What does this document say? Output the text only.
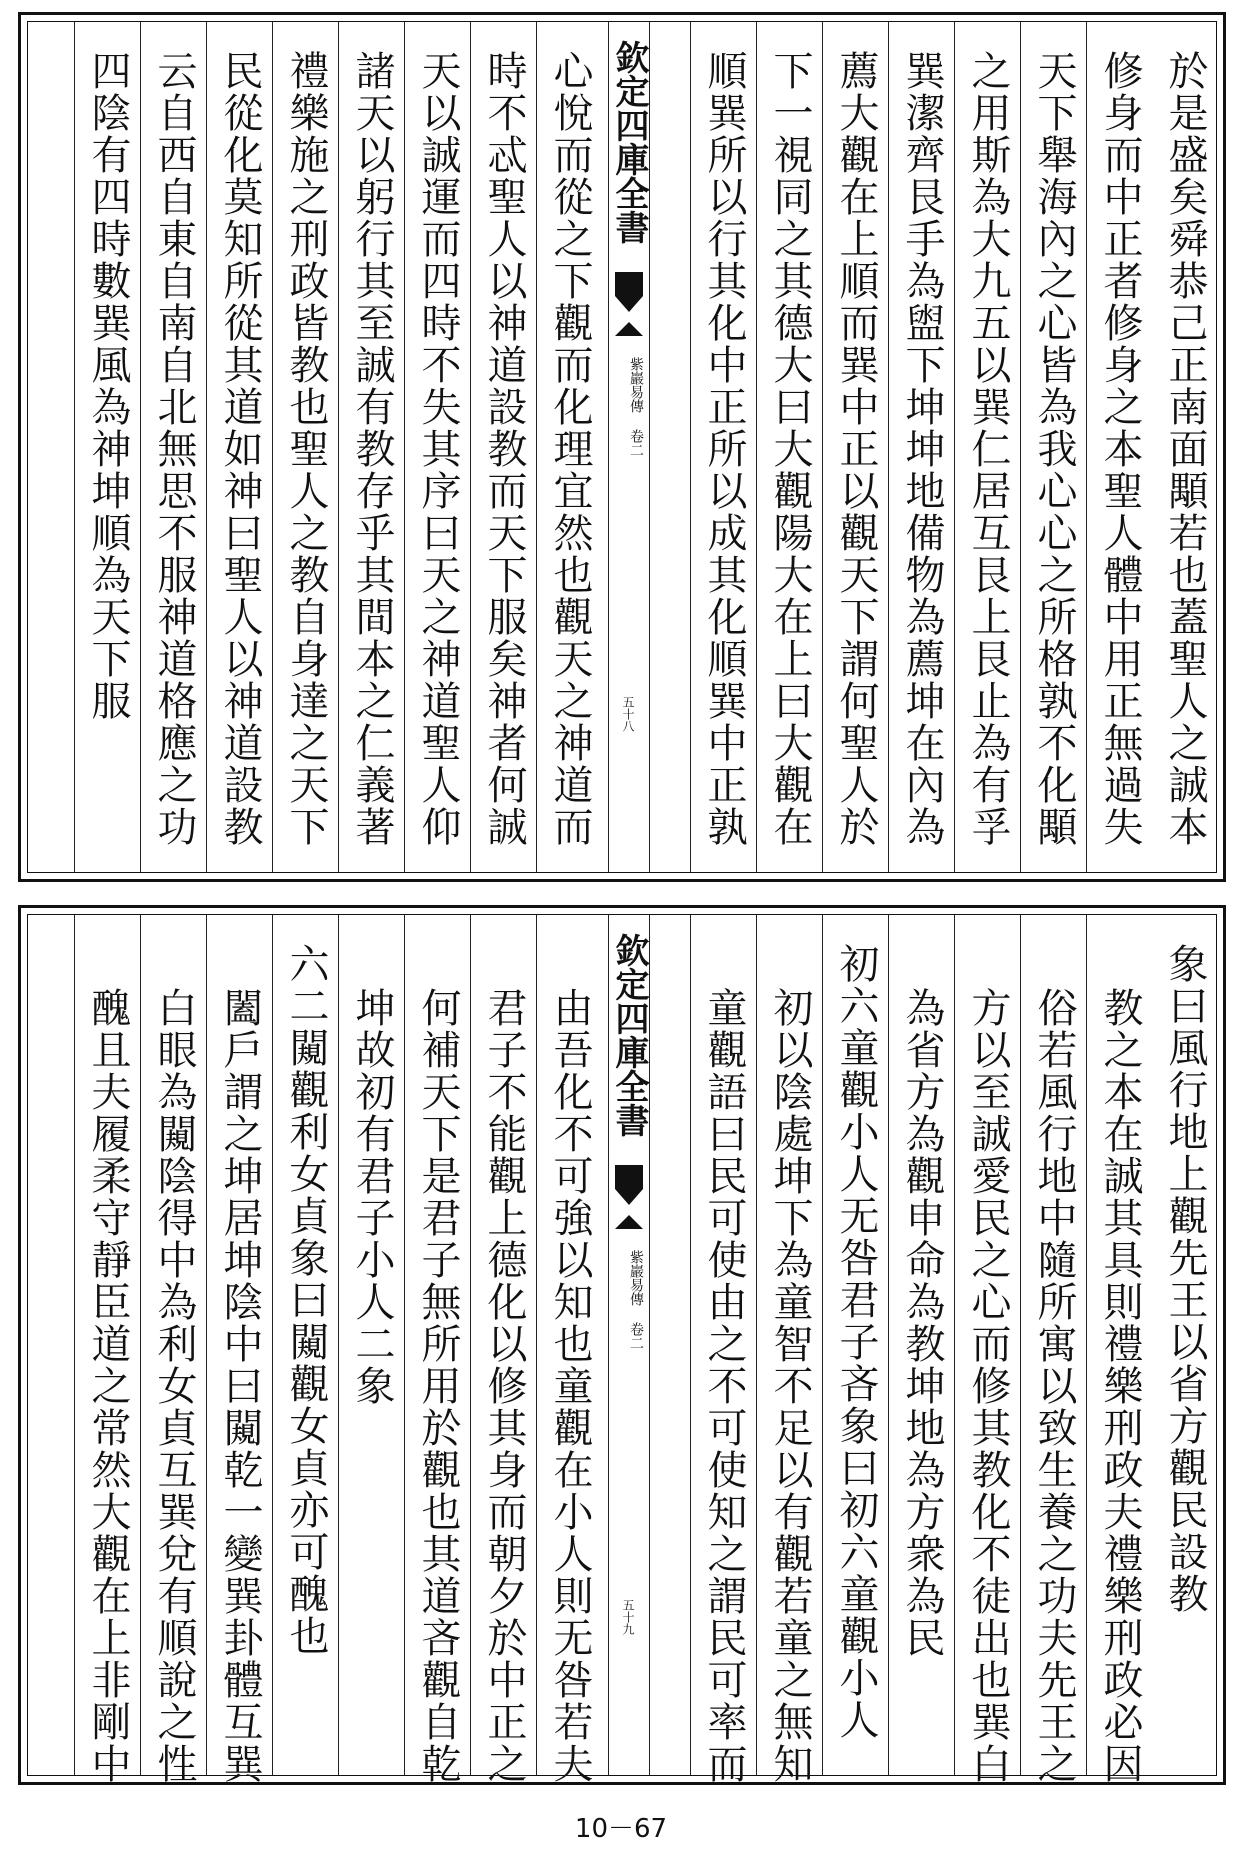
於是盛矣舜恭己正南面顒若也蓋聖人之誠本
修身而中正者修身之本聖人體中用正無過失
天下舉海內之心皆為我心心之所格孰不化顒
之用斯為大九五以巽仁居互艮上艮止為有孚
巽潔齊艮手為盥下坤坤地備物為薦坤在內為
薦大觀在上順而巽中正以觀天下謂何聖人於
下一視同之其德大曰大觀陽大在上曰大觀在
順巽所以行其化中正所以成其化順巽中正孰
欽定四庫全書
紫巖易傳 卷二
五十八
心悅而從之下觀而化理宜然也觀天之神道而
時不忒聖人以神道設教而天下服矣神者何誠
天以誠運而四時不失其序曰天之神道聖人仰
諸天以躬行其至誠有教存乎其間本之仁義著
禮樂施之刑政皆教也聖人之教自身達之天下
民從化莫知所從其道如神曰聖人以神道設教
云自西自東自南自北無思不服神道格應之功
四陰有四時數巽風為神坤順為天下服
象曰風行地上觀先王以省方觀民設教
教之本在誠其具則禮樂刑政夫禮樂刑政必因
俗若風行地中隨所寓以致生養之功夫先王之
方以至誠愛民之心而修其教化不徒出也巽白
為省方為觀申命為教坤地為方衆為民
初六童觀小人无咎君子吝象曰初六童觀小人
初以陰處坤下為童智不足以有觀若童之無知
童觀語曰民可使由之不可使知之謂民可率而
欽定四庫全書
紫巖易傳 卷二
五十九
由吾化不可強以知也童觀在小人則无咎若夫
君子不能觀上德化以修其身而朝夕於中正之
何補天下是君子無所用於觀也其道吝觀自乾
坤故初有君子小人二象
六二闚觀利女貞象曰闚觀女貞亦可醜也
闔戶謂之坤居坤陰中曰闚乾一變巽卦體互巽
白眼為闚陰得中為利女貞互巽兌有順說之性
醜且夫履柔守靜臣道之常然大觀在上非剛中
10－67
